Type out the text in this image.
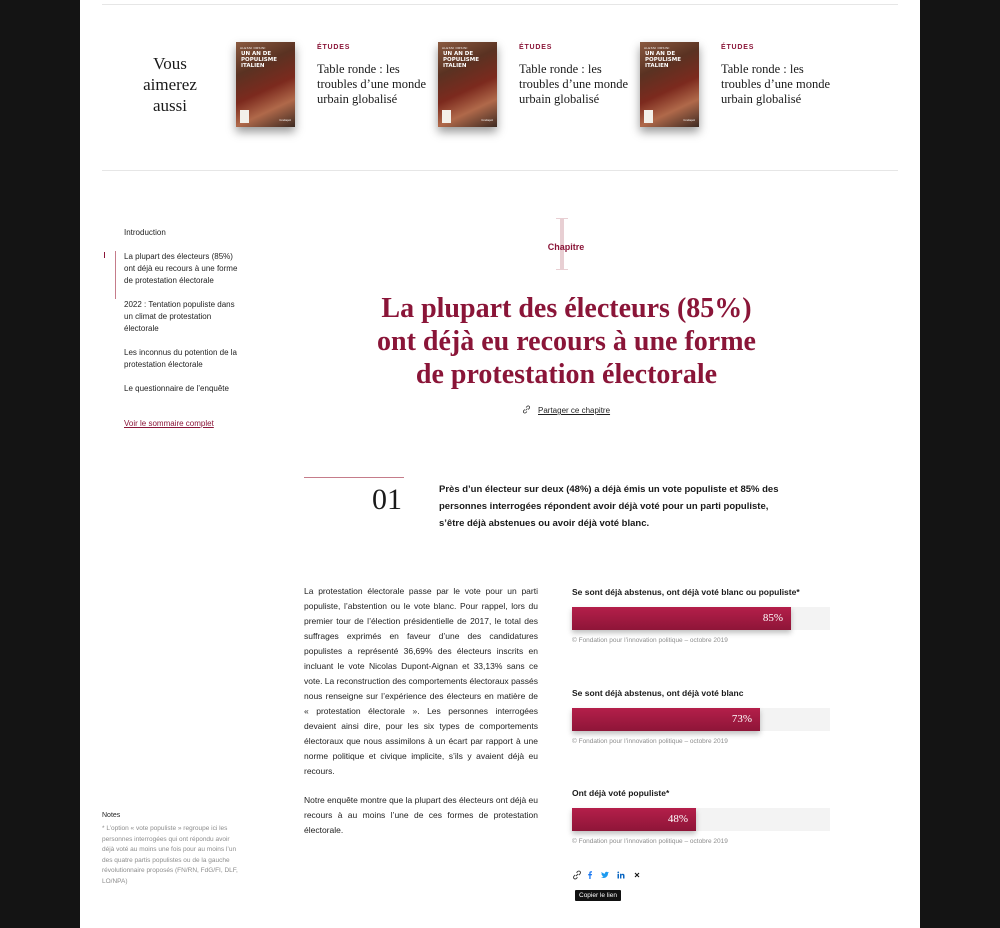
Vous
aimerez
aussi
ALESSI ORSINI
UN AN DE POPULISME ITALIEN
fondapol
ÉTUDES
Table ronde : les troubles d’une monde urbain globalisé
ALESSI ORSINI
UN AN DE POPULISME ITALIEN
fondapol
ÉTUDES
Table ronde : les troubles d’une monde urbain globalisé
ALESSI ORSINI
UN AN DE POPULISME ITALIEN
fondapol
ÉTUDES
Table ronde : les troubles d’une monde urbain globalisé
Introduction
La plupart des électeurs (85%) ont déjà eu recours à une forme de protestation électorale
2022 : Tentation populiste dans un climat de protestation électorale
Les inconnus du potention de la protestation électorale
Le questionnaire de l’enquête
Voir le sommaire complet
Chapitre
La plupart des électeurs (85%) ont déjà eu recours à une forme de protestation électorale
Partager ce chapitre
01	Près d’un électeur sur deux (48%) a déjà émis un vote populiste et 85% des personnes interrogées répondent avoir déjà voté pour un parti populiste, s’être déjà abstenues ou avoir déjà voté blanc.

La protestation électorale passe par le vote pour un parti populiste, l’abstention ou le vote blanc. Pour rappel, lors du premier tour de l’élection présidentielle de 2017, le total des suffrages exprimés en faveur d’une des candidatures populistes a représenté 36,69% des électeurs inscrits en incluant le vote Nicolas Dupont-Aignan et 33,13% sans ce vote. La reconstruction des comportements électoraux passés nous renseigne sur l’expérience des électeurs en matière de « protestation électorale ». Les personnes interrogées devaient ainsi dire, pour les six types de comportements électoraux que nous assimilons à un écart par rapport à une norme politique et civique implicite, s’ils y avaient déjà eu recours.

Notre enquête montre que la plupart des électeurs ont déjà eu recours à au moins l’une de ces formes de protestation électorale.

Notes

* L’option « vote populiste » regroupe ici les personnes interrogées qui ont répondu avoir déjà voté au moins une fois pour au moins l’un des quatre partis populistes ou de la gauche révolutionnaire proposés (FN/RN, FdG/FI, DLF, LO/NPA)

Se sont déjà abstenus, ont déjà voté blanc ou populiste*
85%
© Fondation pour l’innovation politique – octobre 2019
Se sont déjà abstenus, ont déjà voté blanc
73%
© Fondation pour l’innovation politique – octobre 2019
Ont déjà voté populiste*
48%
© Fondation pour l’innovation politique – octobre 2019
Copier le lien
